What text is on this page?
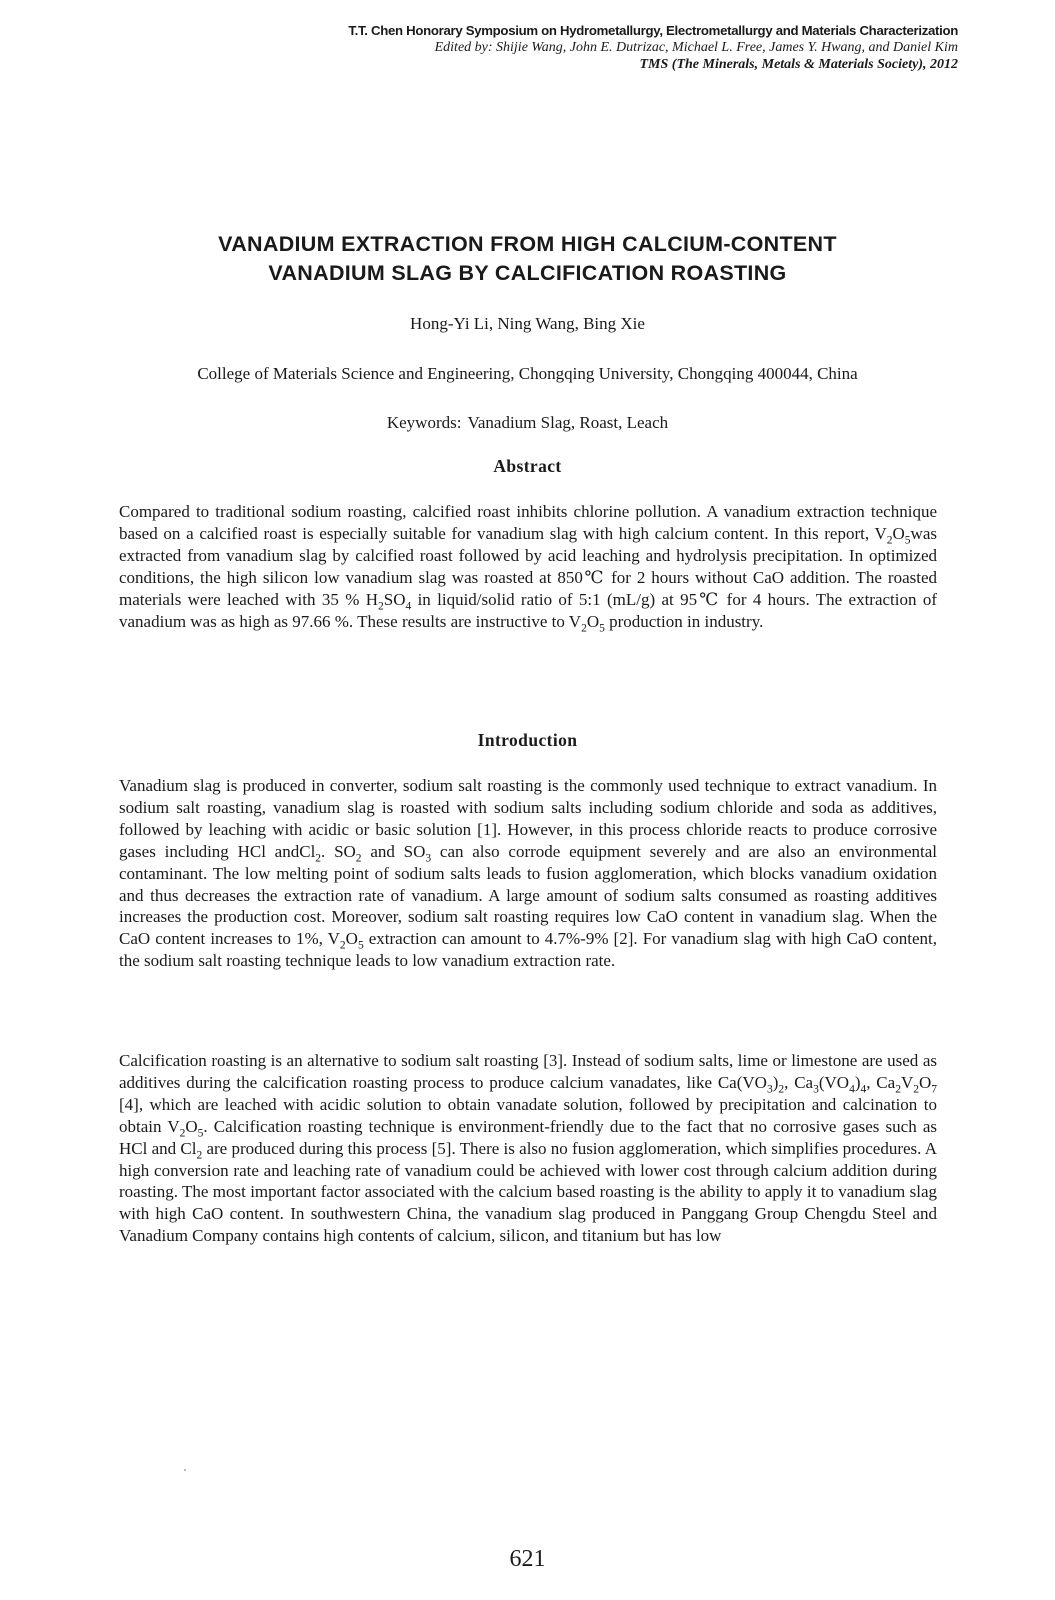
T.T. Chen Honorary Symposium on Hydrometallurgy, Electrometallurgy and Materials Characterization
Edited by: Shijie Wang, John E. Dutrizac, Michael L. Free, James Y. Hwang, and Daniel Kim
TMS (The Minerals, Metals & Materials Society), 2012
VANADIUM EXTRACTION FROM HIGH CALCIUM-CONTENT
VANADIUM SLAG BY CALCIFICATION ROASTING
Hong-Yi Li, Ning Wang, Bing Xie
College of Materials Science and Engineering, Chongqing University, Chongqing 400044, China
Keywords: Vanadium Slag, Roast, Leach
Abstract

Compared to traditional sodium roasting, calcified roast inhibits chlorine pollution. A vanadium extraction technique based on a calcified roast is especially suitable for vanadium slag with high calcium content. In this report, $V_2O_5was$ extracted from vanadium slag by calcified roast followed by acid leaching and hydrolysis precipitation. In optimized conditions, the high silicon low vanadium slag was roasted at 850℃ for 2 hours without CaO addition. The roasted materials were leached with 35 % $H_2SO_4$ in liquid/solid ratio of 5:1 (mL/g) at 95℃ for 4 hours. The extraction of vanadium was as high as 97.66 %. These results are instructive to $V_2O_5$ production in industry.

Introduction

Vanadium slag is produced in converter, sodium salt roasting is the commonly used technique to extract vanadium. In sodium salt roasting, vanadium slag is roasted with sodium salts including sodium chloride and soda as additives, followed by leaching with acidic or basic solution [1]. However, in this process chloride reacts to produce corrosive gases including HCl andCl$_2$. $SO_2$ and $SO_3$ can also corrode equipment severely and are also an environmental contaminant. The low melting point of sodium salts leads to fusion agglomeration, which blocks vanadium oxidation and thus decreases the extraction rate of vanadium. A large amount of sodium salts consumed as roasting additives increases the production cost. Moreover, sodium salt roasting requires low CaO content in vanadium slag. When the CaO content increases to 1%, $V_2O_5$ extraction can amount to 4.7%-9% [2]. For vanadium slag with high CaO content, the sodium salt roasting technique leads to low vanadium extraction rate.

Calcification roasting is an alternative to sodium salt roasting [3]. Instead of sodium salts, lime or limestone are used as additives during the calcification roasting process to produce calcium vanadates, like $Ca(VO_3)_2$, $Ca_3(VO_4)_4$, $Ca_2V_2O_7$ [4], which are leached with acidic solution to obtain vanadate solution, followed by precipitation and calcination to obtain $V_2O_5$. Calcification roasting technique is environment-friendly due to the fact that no corrosive gases such as HCl and $Cl_2$ are produced during this process [5]. There is also no fusion agglomeration, which simplifies procedures. A high conversion rate and leaching rate of vanadium could be achieved with lower cost through calcium addition during roasting. The most important factor associated with the calcium based roasting is the ability to apply it to vanadium slag with high CaO content. In southwestern China, the vanadium slag produced in Panggang Group Chengdu Steel and Vanadium Company contains high contents of calcium, silicon, and titanium but has low

621
